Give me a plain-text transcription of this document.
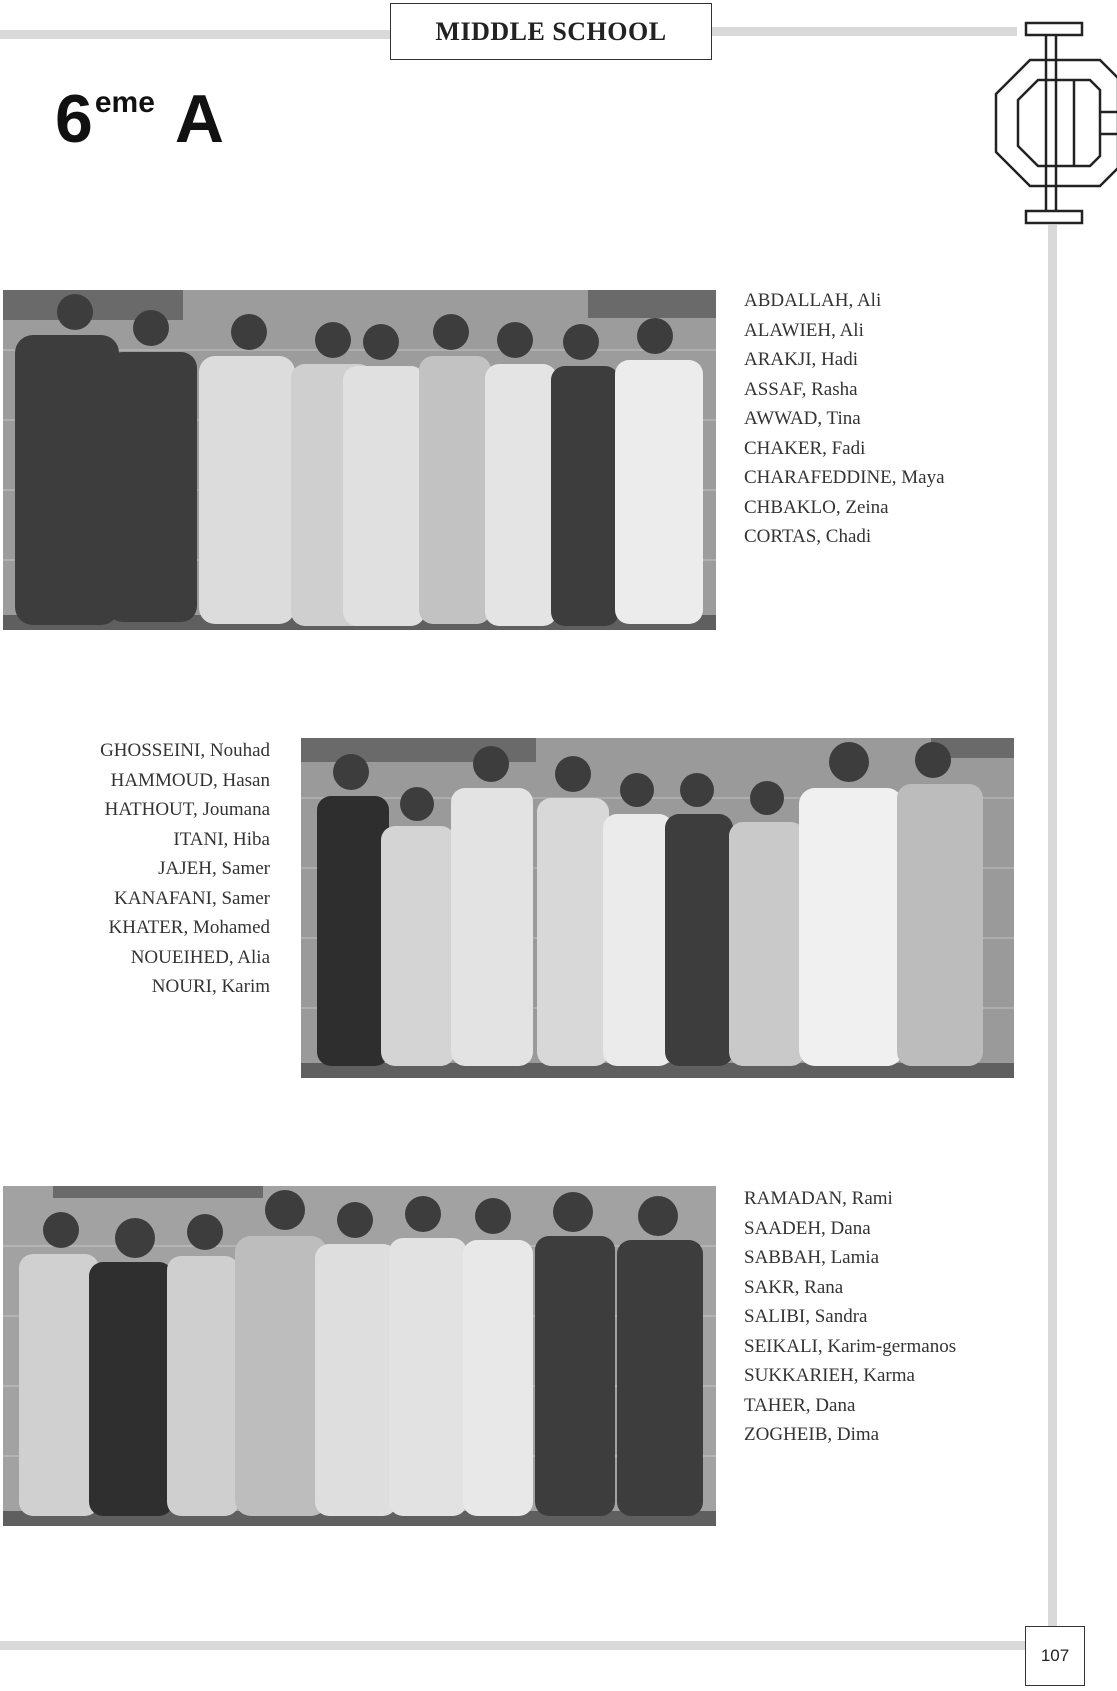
MIDDLE SCHOOL
6eme A
ABDALLAH, Ali
ALAWIEH, Ali
ARAKJI, Hadi
ASSAF, Rasha
AWWAD, Tina
CHAKER, Fadi
CHARAFEDDINE, Maya
CHBAKLO, Zeina
CORTAS, Chadi
GHOSSEINI, Nouhad
HAMMOUD, Hasan
HATHOUT, Joumana
ITANI, Hiba
JAJEH, Samer
KANAFANI, Samer
KHATER, Mohamed
NOUEIHED, Alia
NOURI, Karim
RAMADAN, Rami
SAADEH, Dana
SABBAH, Lamia
SAKR, Rana
SALIBI, Sandra
SEIKALI, Karim-germanos
SUKKARIEH, Karma
TAHER, Dana
ZOGHEIB, Dima
107
